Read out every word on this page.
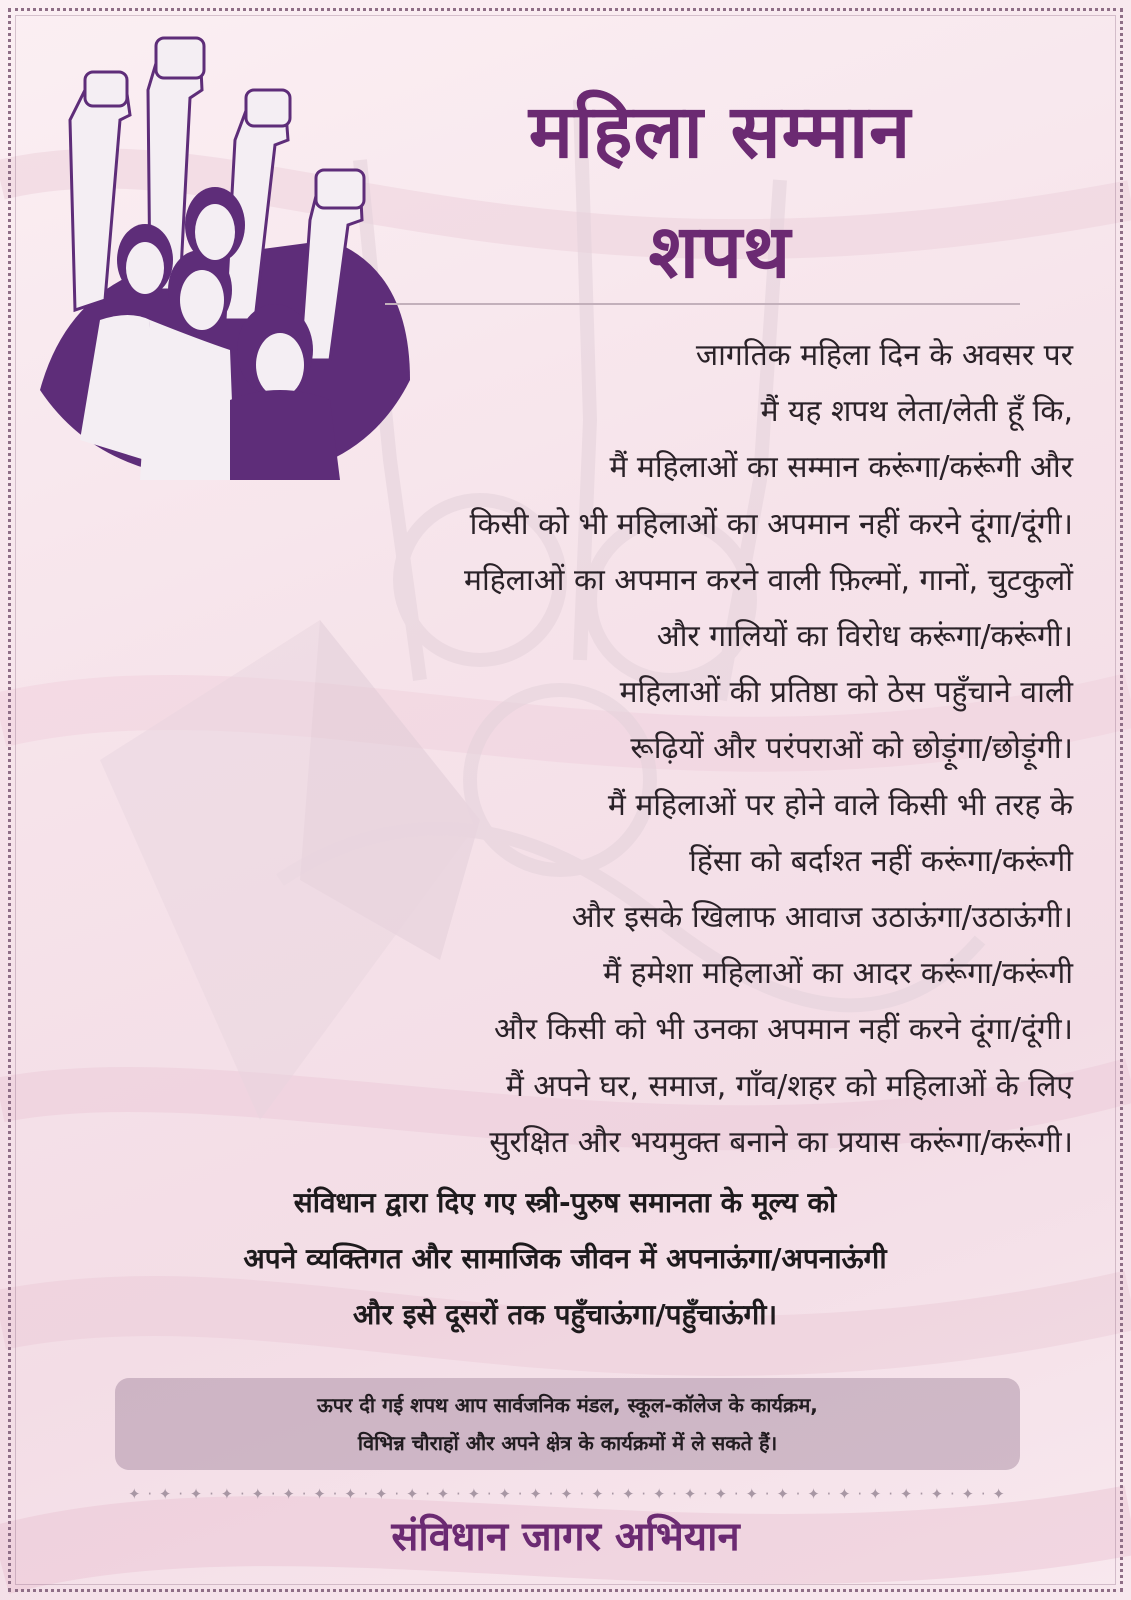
महिला सम्मान
शपथ
जागतिक महिला दिन के अवसर पर
मैं यह शपथ लेता/लेती हूँ कि,
मैं महिलाओं का सम्मान करूंगा/करूंगी और
किसी को भी महिलाओं का अपमान नहीं करने दूंगा/दूंगी।
महिलाओं का अपमान करने वाली फ़िल्मों, गानों, चुटकुलों
और गालियों का विरोध करूंगा/करूंगी।
महिलाओं की प्रतिष्ठा को ठेस पहुँचाने वाली
रूढ़ियों और परंपराओं को छोड़ूंगा/छोड़ूंगी।
मैं महिलाओं पर होने वाले किसी भी तरह के
हिंसा को बर्दाश्त नहीं करूंगा/करूंगी
और इसके खिलाफ आवाज उठाऊंगा/उठाऊंगी।
मैं हमेशा महिलाओं का आदर करूंगा/करूंगी
और किसी को भी उनका अपमान नहीं करने दूंगा/दूंगी।
मैं अपने घर, समाज, गाँव/शहर को महिलाओं के लिए
सुरक्षित और भयमुक्त बनाने का प्रयास करूंगा/करूंगी।
संविधान द्वारा दिए गए स्त्री-पुरुष समानता के मूल्य को
अपने व्यक्तिगत और सामाजिक जीवन में अपनाऊंगा/अपनाऊंगी
और इसे दूसरों तक पहुँचाऊंगा/पहुँचाऊंगी।
ऊपर दी गई शपथ आप सार्वजनिक मंडल, स्कूल-कॉलेज के कार्यक्रम,
विभिन्न चौराहों और अपने क्षेत्र के कार्यक्रमों में ले सकते हैं।
✦ · ✦ · ✦ · ✦ · ✦ · ✦ · ✦ · ✦ · ✦ · ✦ · ✦ · ✦ · ✦ · ✦ · ✦ · ✦ · ✦ · ✦ · ✦ · ✦ · ✦ · ✦ · ✦ · ✦ · ✦ · ✦ · ✦ · ✦ · ✦
संविधान जागर अभियान
